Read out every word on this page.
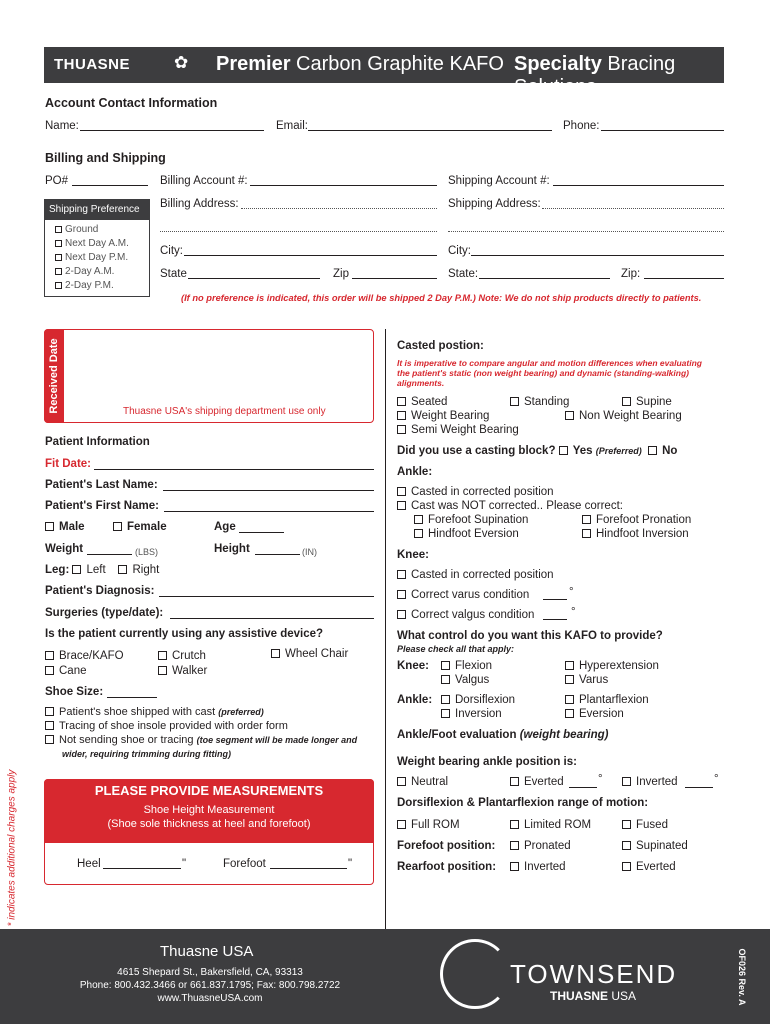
THUASNE	✿ Premier Carbon Graphite KAFO Specialty Bracing Solutions
Account Contact Information
Name:	Email:	Phone:
Billing and Shipping
PO#	Billing Account #:	Shipping Account #:
Billing Address:	Shipping Address:
City:	City:
State	Zip	State:	Zip:
(If no preference is indicated, this order will be shipped 2 Day P.M.) Note: We do not ship products directly to patients.
Shipping Preference
Ground
Next Day A.M.
Next Day P.M.
2-Day A.M.
2-Day P.M.
Received Date	Thuasne USA's shipping department use only
Patient Information
Fit Date:
Patient's Last Name:
Patient's First Name:
Male	Female	Age
Weight	(LBS)	Height	(IN)
Leg: Left Right
Patient's Diagnosis:
Surgeries (type/date):
Is the patient currently using any assistive device?
Brace/KAFO	Crutch	Wheel Chair
Cane	Walker
Shoe Size:
Patient's shoe shipped with cast (preferred)
Tracing of shoe insole provided with order form
Not sending shoe or tracing (toe segment will be made longer and
wider, requiring trimming during fitting)
PLEASE PROVIDE MEASUREMENTS
Shoe Height Measurement
(Shoe sole thickness at heel and forefoot)
Heel	"	Forefoot	"
* indicates additional charges apply
Casted postion:
It is imperative to compare angular and motion differences when evaluating the patient's static (non weight bearing) and dynamic (standing-walking) alignments.
Seated	Standing	Supine
Weight Bearing	Non Weight Bearing
Semi Weight Bearing
Did you use a casting block? Yes (Preferred) No
Ankle:
Casted in corrected position
Cast was NOT corrected.. Please correct:
Forefoot Supination	Forefoot Pronation
Hindfoot Eversion	Hindfoot Inversion
Knee:
Casted in corrected position
Correct varus condition	°
Correct valgus condition	°
What control do you want this KAFO to provide?
Please check all that apply:
Knee:	Flexion	Hyperextension
Valgus	Varus
Ankle:	Dorsiflexion	Plantarflexion
Inversion	Eversion
Ankle/Foot evaluation (weight bearing)
Weight bearing ankle position is:
Neutral	Everted	°	Inverted	°
Dorsiflexion & Plantarflexion range of motion:
Full ROM	Limited ROM	Fused
Forefoot position:	Pronated	Supinated
Rearfoot position:	Inverted	Everted
Thuasne USA
4615 Shepard St., Bakersfield, CA, 93313
Phone: 800.432.3466 or 661.837.1795; Fax: 800.798.2722
www.ThuasneUSA.com
TOWNSEND
THUASNE USA	OF026 Rev. A
